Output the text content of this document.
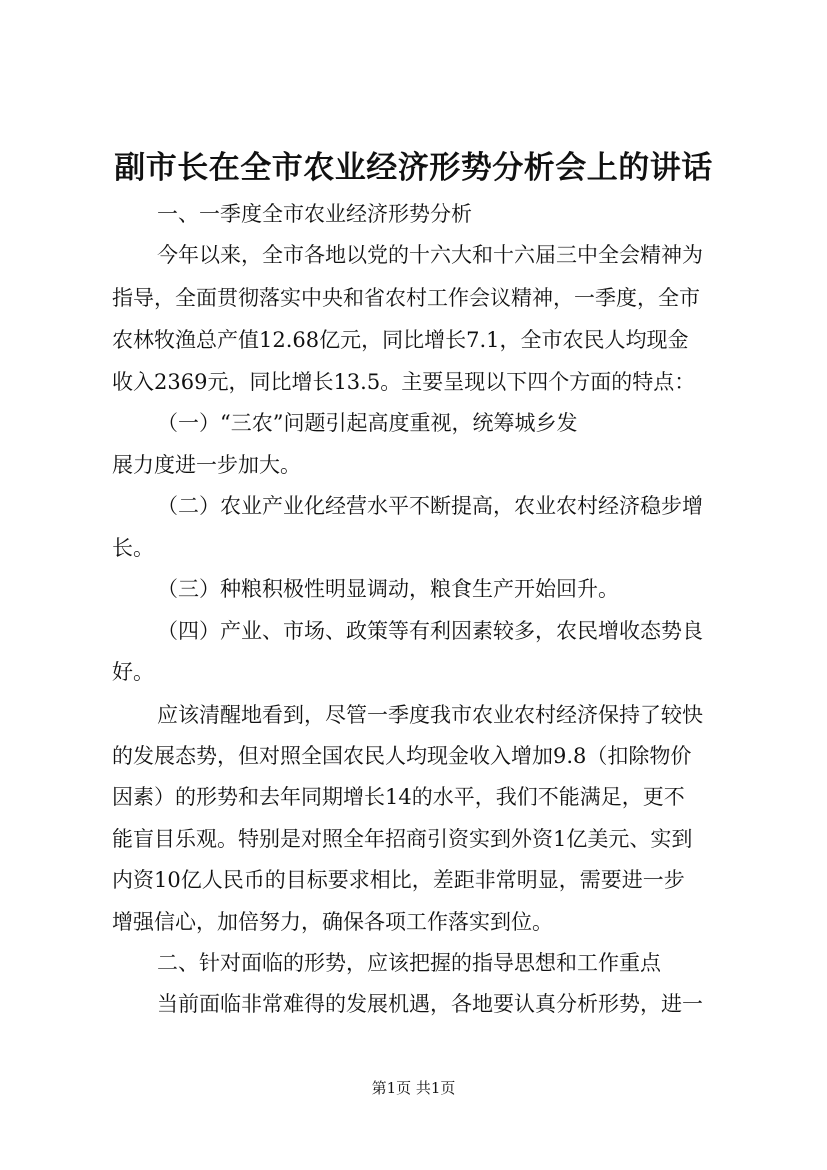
副市长在全市农业经济形势分析会上的讲话
一、一季度全市农业经济形势分析
今年以来，全市各地以党的十六大和十六届三中全会精神为
指导，全面贯彻落实中央和省农村工作会议精神，一季度，全市
农林牧渔总产值12.68亿元，同比增长7.1，全市农民人均现金
收入2369元，同比增长13.5。主要呈现以下四个方面的特点：
（一）“三农”问题引起高度重视，统筹城乡发
展力度进一步加大。
（二）农业产业化经营水平不断提高，农业农村经济稳步增
长。
（三）种粮积极性明显调动，粮食生产开始回升。
（四）产业、市场、政策等有利因素较多，农民增收态势良
好。
应该清醒地看到，尽管一季度我市农业农村经济保持了较快
的发展态势，但对照全国农民人均现金收入增加9.8（扣除物价
因素）的形势和去年同期增长14的水平，我们不能满足，更不
能盲目乐观。特别是对照全年招商引资实到外资1亿美元、实到
内资10亿人民币的目标要求相比，差距非常明显，需要进一步
增强信心，加倍努力，确保各项工作落实到位。
二、针对面临的形势，应该把握的指导思想和工作重点
当前面临非常难得的发展机遇，各地要认真分析形势，进一
第1页 共1页
